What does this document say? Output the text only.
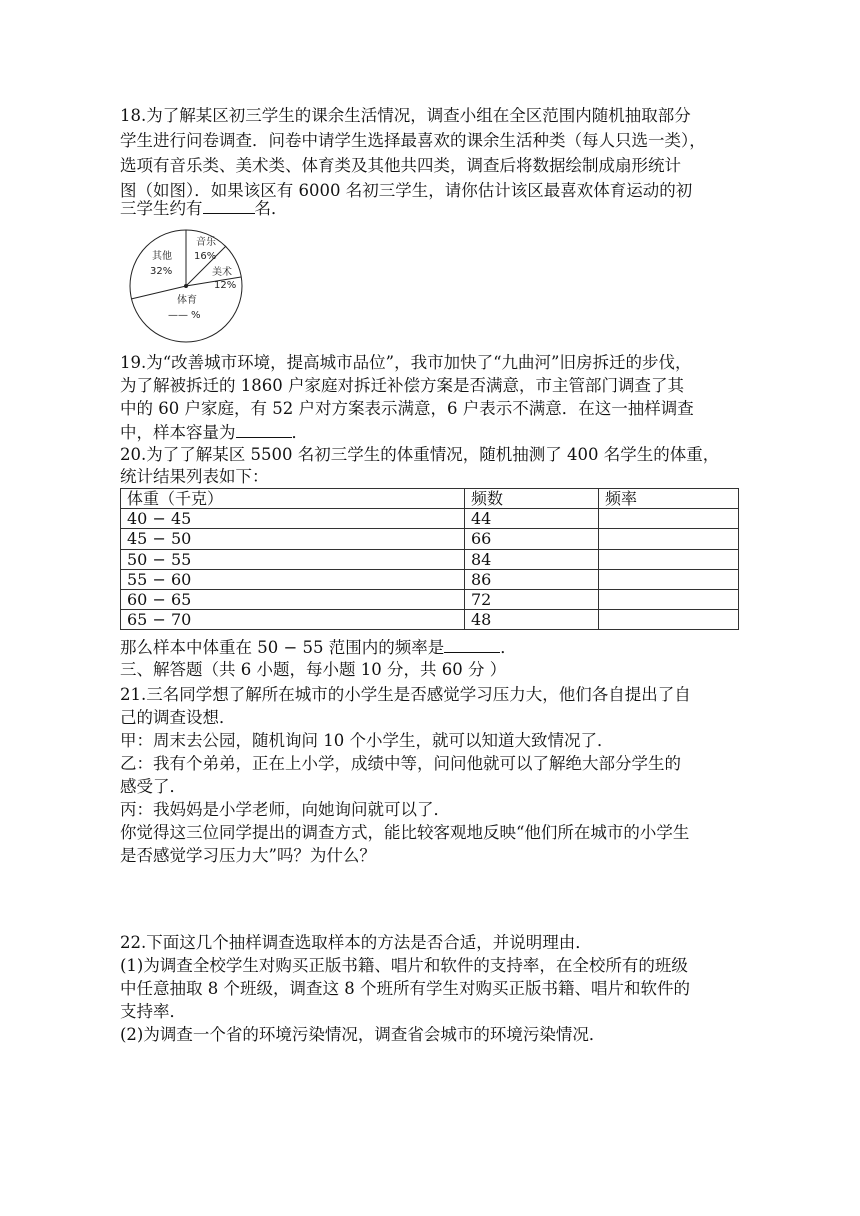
18.为了解某区初三学生的课余生活情况，调查小组在全区范围内随机抽取部分
学生进行问卷调查．问卷中请学生选择最喜欢的课余生活种类（每人只选一类），
选项有音乐类、美术类、体育类及其他共四类，调查后将数据绘制成扇形统计
图（如图）．如果该区有 6000 名初三学生，请你估计该区最喜欢体育运动的初
三学生约有	名．
音乐
16%
美术
12%
体育
—— %
其他
32%
19.为“改善城市环境，提高城市品位”，我市加快了“九曲河”旧房拆迁的步伐，
为了解被拆迁的 1860 户家庭对拆迁补偿方案是否满意，市主管部门调查了其
中的 60 户家庭，有 52 户对方案表示满意，6 户表示不满意．在这一抽样调查
中，样本容量为	．
20.为了了解某区 5500 名初三学生的体重情况，随机抽测了 400 名学生的体重，
统计结果列表如下：
体重（千克）	频数	频率
40 − 45	44	
45 − 50	66	
50 − 55	84	
55 − 60	86	
60 − 65	72	
65 − 70	48	
那么样本中体重在 50 − 55 范围内的频率是	．
三、解答题（共 6 小题，每小题 10 分，共 60 分 ）
21.三名同学想了解所在城市的小学生是否感觉学习压力大，他们各自提出了自
己的调查设想．
甲：周末去公园，随机询问 10 个小学生，就可以知道大致情况了．
乙：我有个弟弟，正在上小学，成绩中等，问问他就可以了解绝大部分学生的
感受了．
丙：我妈妈是小学老师，向她询问就可以了．
你觉得这三位同学提出的调查方式，能比较客观地反映“他们所在城市的小学生
是否感觉学习压力大”吗？为什么？
22.下面这几个抽样调查选取样本的方法是否合适，并说明理由．
(1)为调查全校学生对购买正版书籍、唱片和软件的支持率，在全校所有的班级
中任意抽取 8 个班级，调查这 8 个班所有学生对购买正版书籍、唱片和软件的
支持率．
(2)为调查一个省的环境污染情况，调查省会城市的环境污染情况．
